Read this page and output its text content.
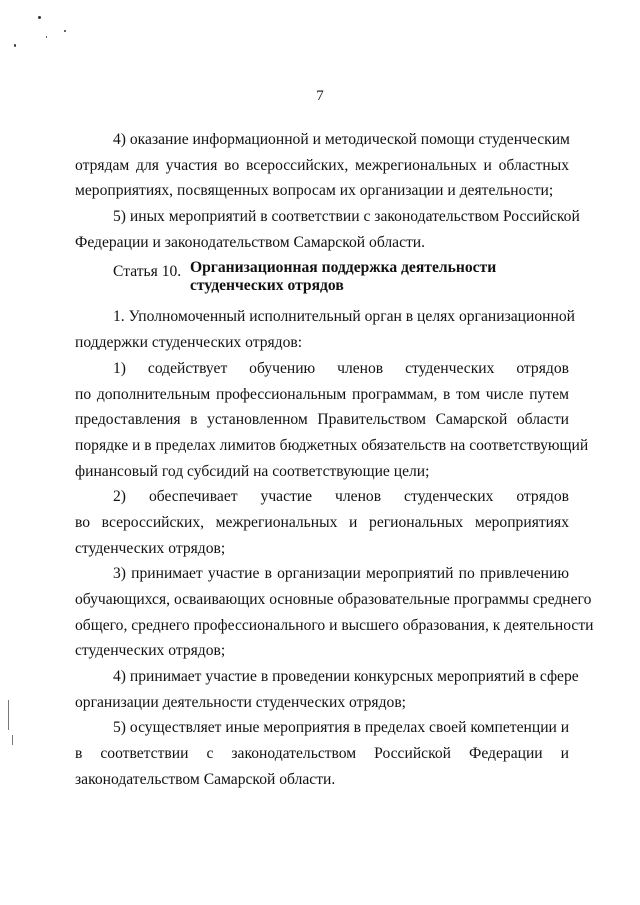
7
4) оказание информационной и методической помощи студенческим
отрядам для участия во всероссийских, межрегиональных и областных
мероприятиях, посвященных вопросам их организации и деятельности;
5) иных мероприятий в соответствии с законодательством Российской
Федерации и законодательством Самарской области.
Статья 10. Организационная поддержка деятельности
студенческих отрядов
1. Уполномоченный исполнительный орган в целях организационной
поддержки студенческих отрядов:
1) содействует обучению членов студенческих отрядов
по дополнительным профессиональным программам, в том числе путем
предоставления в установленном Правительством Самарской области
порядке и в пределах лимитов бюджетных обязательств на соответствующий
финансовый год субсидий на соответствующие цели;
2) обеспечивает участие членов студенческих отрядов
во всероссийских, межрегиональных и региональных мероприятиях
студенческих отрядов;
3) принимает участие в организации мероприятий по привлечению
обучающихся, осваивающих основные образовательные программы среднего
общего, среднего профессионального и высшего образования, к деятельности
студенческих отрядов;
4) принимает участие в проведении конкурсных мероприятий в сфере
организации деятельности студенческих отрядов;
5) осуществляет иные мероприятия в пределах своей компетенции и
в соответствии с законодательством Российской Федерации и
законодательством Самарской области.
